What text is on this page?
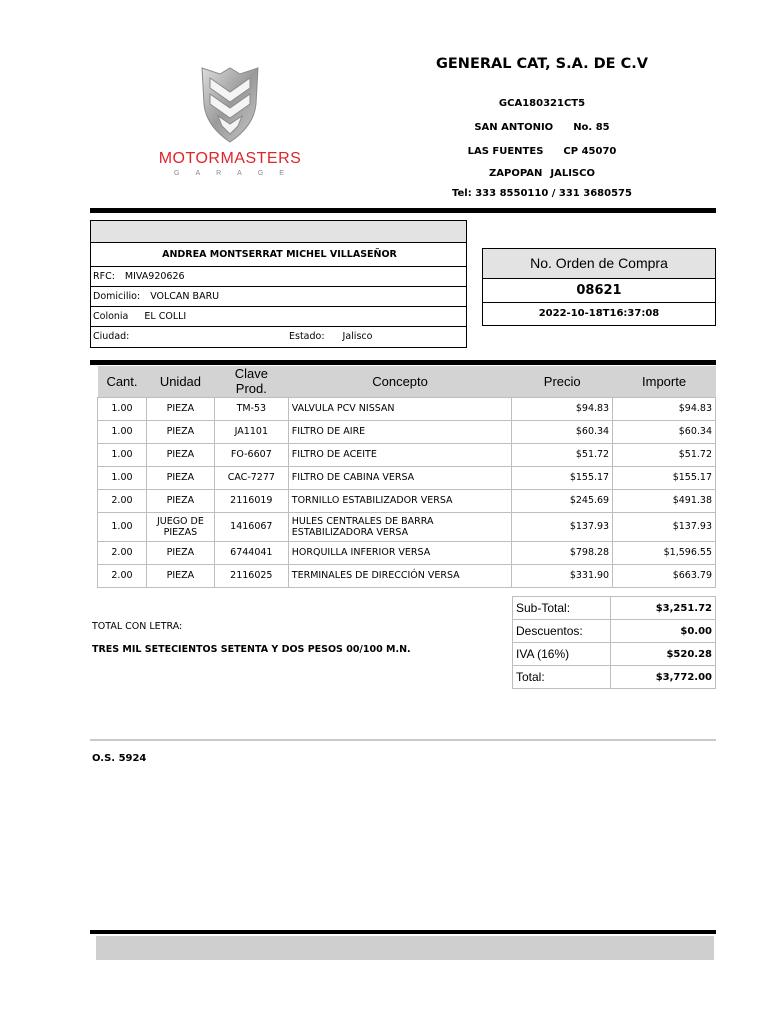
MOTORMASTERS
GARAGE
GENERAL CAT, S.A. DE C.V
GCA180321CT5
SAN ANTONIO No. 85
LAS FUENTES CP 45070
ZAPOPAN JALISCO
Tel: 333 8550110 / 331 3680575
ANDREA MONTSERRAT MICHEL VILLASEÑOR
RFC: MIVA920626
Domicilio: VOLCAN BARU
Colonia EL COLLI
Ciudad:	Estado: Jalisco
No. Orden de Compra
08621
2022-10-18T16:37:08
Cant.	Unidad	Clave Prod.	Concepto	Precio	Importe
1.00	PIEZA	TM-53	VALVULA PCV NISSAN	$94.83	$94.83
1.00	PIEZA	JA1101	FILTRO DE AIRE	$60.34	$60.34
1.00	PIEZA	FO-6607	FILTRO DE ACEITE	$51.72	$51.72
1.00	PIEZA	CAC-7277	FILTRO DE CABINA VERSA	$155.17	$155.17
2.00	PIEZA	2116019	TORNILLO ESTABILIZADOR VERSA	$245.69	$491.38
1.00	JUEGO DE PIEZAS	1416067	HULES CENTRALES DE BARRA ESTABILIZADORA VERSA	$137.93	$137.93
2.00	PIEZA	6744041	HORQUILLA INFERIOR VERSA	$798.28	$1,596.55
2.00	PIEZA	2116025	TERMINALES DE DIRECCIÓN VERSA	$331.90	$663.79
TOTAL CON LETRA:
TRES MIL SETECIENTOS SETENTA Y DOS PESOS 00/100 M.N.
Sub-Total:	$3,251.72
Descuentos:	$0.00
IVA (16%)	$520.28
Total:	$3,772.00
O.S. 5924
